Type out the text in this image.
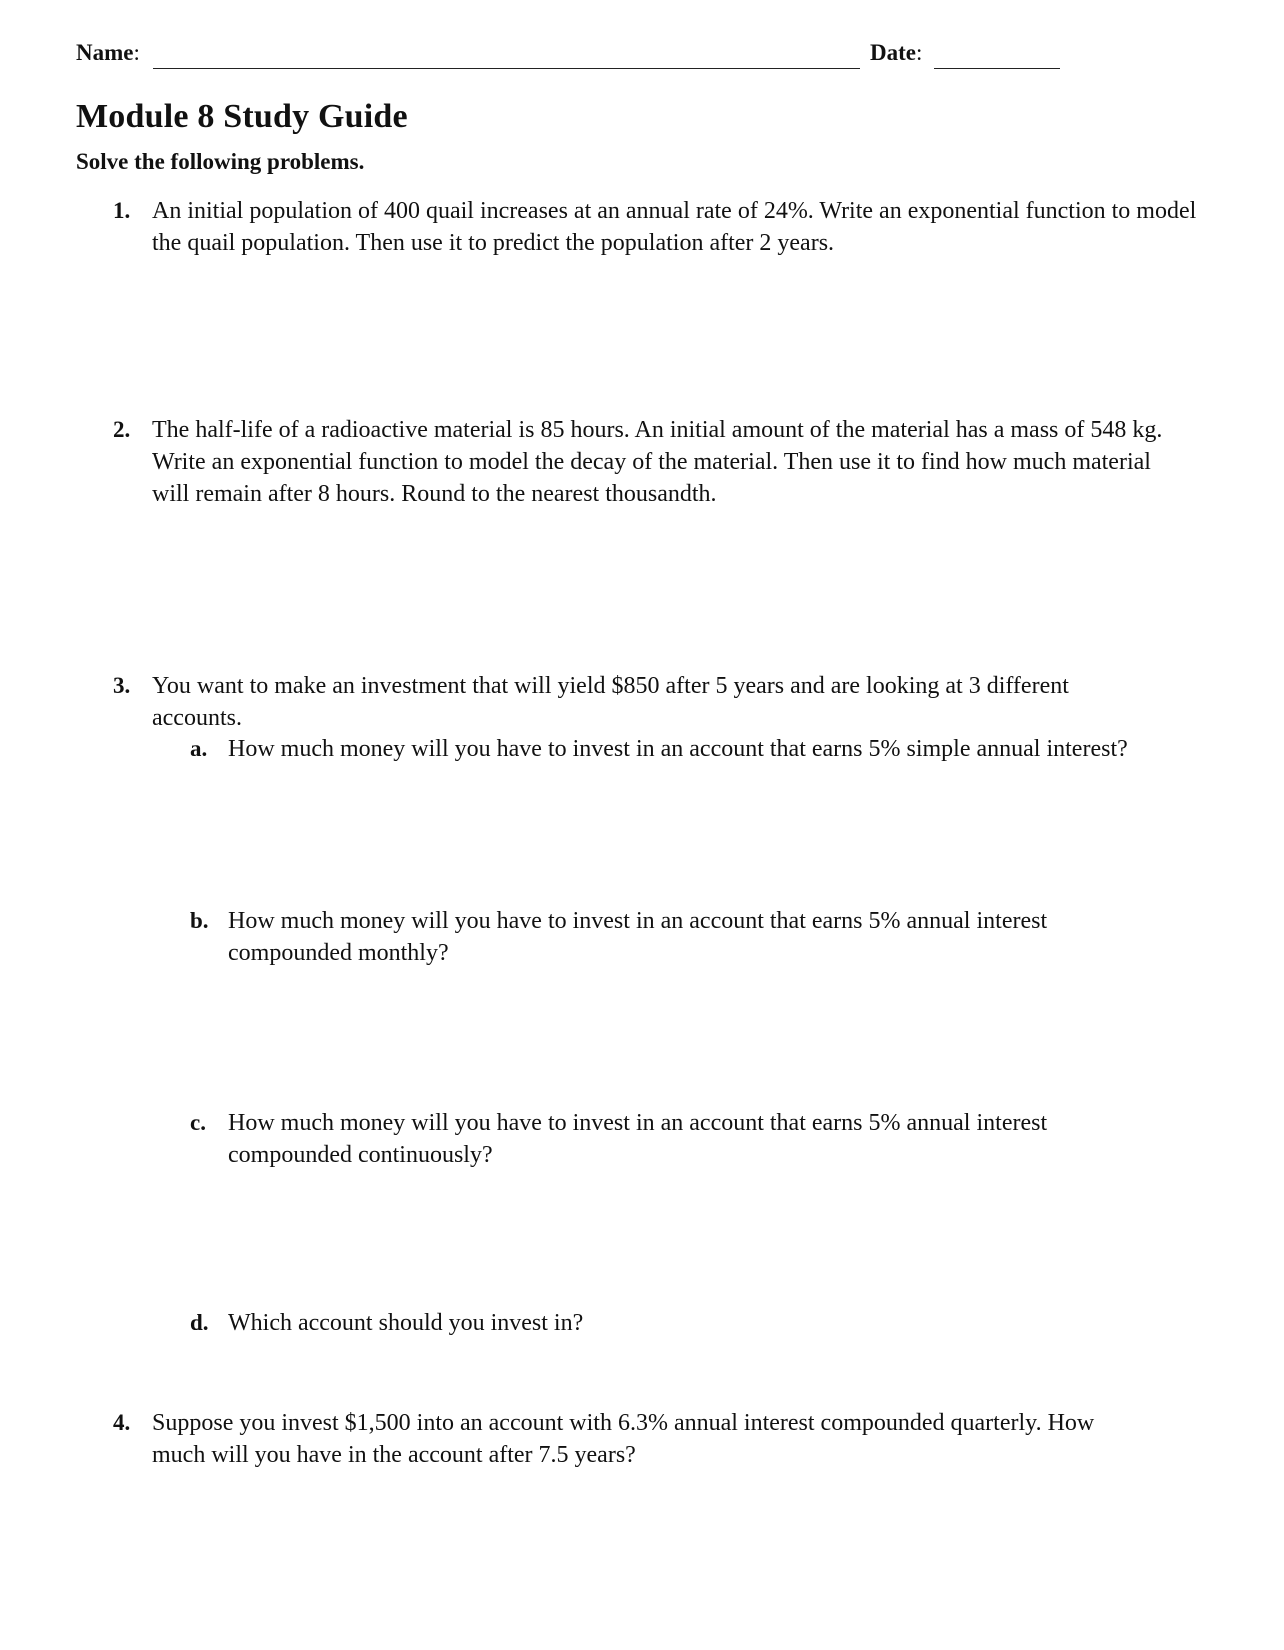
Name:	Date:
Module 8 Study Guide
Solve the following problems.
1. An initial population of 400 quail increases at an annual rate of 24%. Write an exponential function to model the quail population. Then use it to predict the population after 2 years.
2. The half-life of a radioactive material is 85 hours. An initial amount of the material has a mass of 548 kg. Write an exponential function to model the decay of the material. Then use it to find how much material will remain after 8 hours. Round to the nearest thousandth.
3. You want to make an investment that will yield $850 after 5 years and are looking at 3 different accounts.
a. How much money will you have to invest in an account that earns 5% simple annual interest?
b. How much money will you have to invest in an account that earns 5% annual interest compounded monthly?
c. How much money will you have to invest in an account that earns 5% annual interest compounded continuously?
d. Which account should you invest in?
4. Suppose you invest $1,500 into an account with 6.3% annual interest compounded quarterly. How much will you have in the account after 7.5 years?
